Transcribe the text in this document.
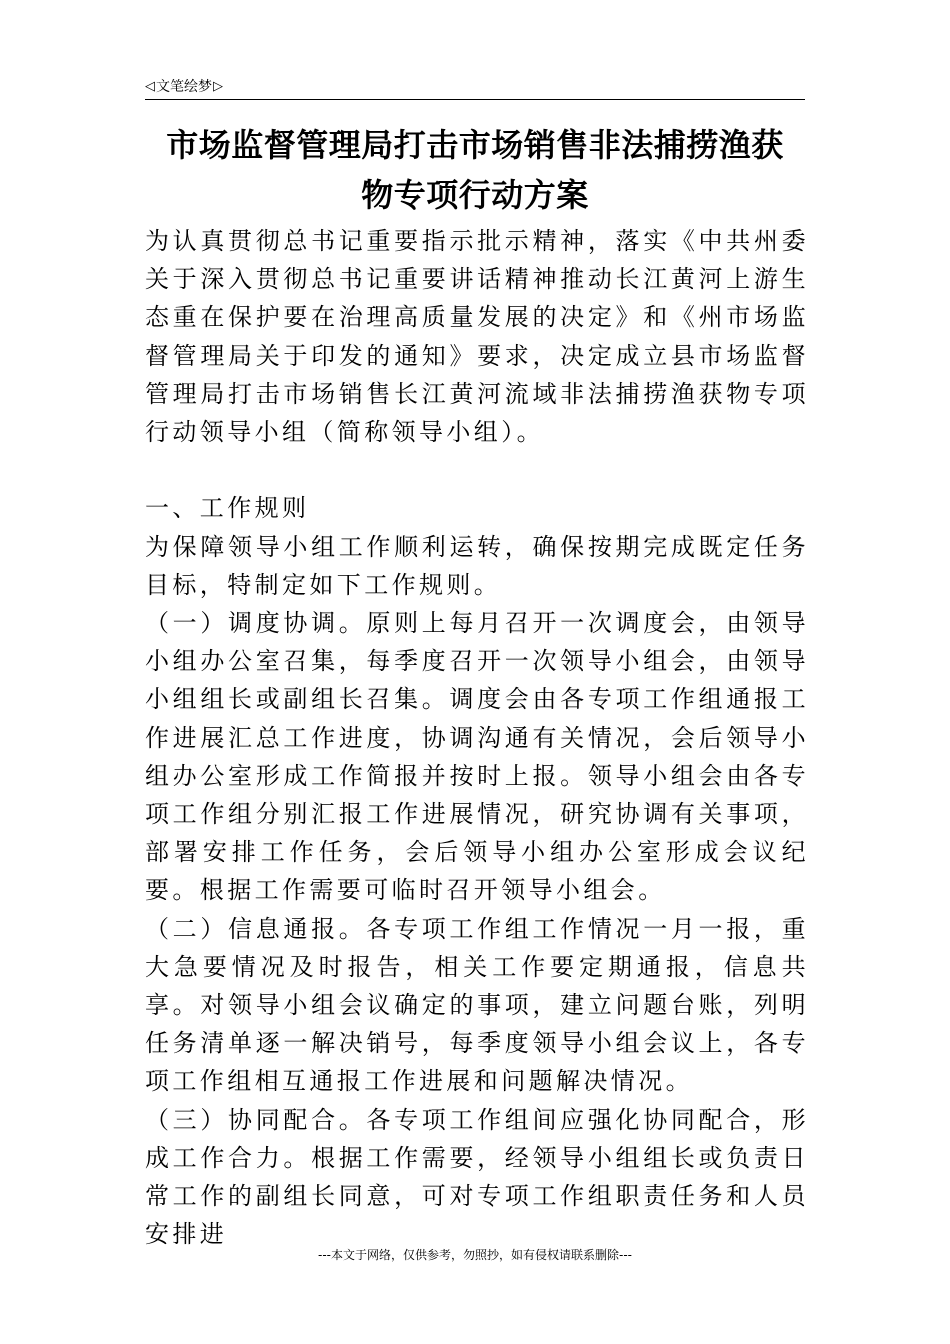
◁ 文笔绘梦 ▷
市场监督管理局打击市场销售非法捕捞渔获
物专项行动方案

为认真贯彻总书记重要指示批示精神，落实《中共州委关于深入贯彻总书记重要讲话精神推动长江黄河上游生态重在保护要在治理高质量发展的决定》和《州市场监督管理局关于印发的通知》要求，决定成立县市场监督管理局打击市场销售长江黄河流域非法捕捞渔获物专项行动领导小组（简称领导小组）。

一、工作规则

为保障领导小组工作顺利运转，确保按期完成既定任务目标，特制定如下工作规则。

（一）调度协调。原则上每月召开一次调度会，由领导小组办公室召集，每季度召开一次领导小组会，由领导小组组长或副组长召集。调度会由各专项工作组通报工作进展汇总工作进度，协调沟通有关情况，会后领导小组办公室形成工作简报并按时上报。领导小组会由各专项工作组分别汇报工作进展情况，研究协调有关事项，部署安排工作任务，会后领导小组办公室形成会议纪要。根据工作需要可临时召开领导小组会。

（二）信息通报。各专项工作组工作情况一月一报，重大急要情况及时报告，相关工作要定期通报，信息共享。对领导小组会议确定的事项，建立问题台账，列明任务清单逐一解决销号，每季度领导小组会议上，各专项工作组相互通报工作进展和问题解决情况。

（三）协同配合。各专项工作组间应强化协同配合，形成工作合力。根据工作需要，经领导小组组长或负责日常工作的副组长同意，可对专项工作组职责任务和人员安排进

---本文于网络，仅供参考，勿照抄，如有侵权请联系删除---
